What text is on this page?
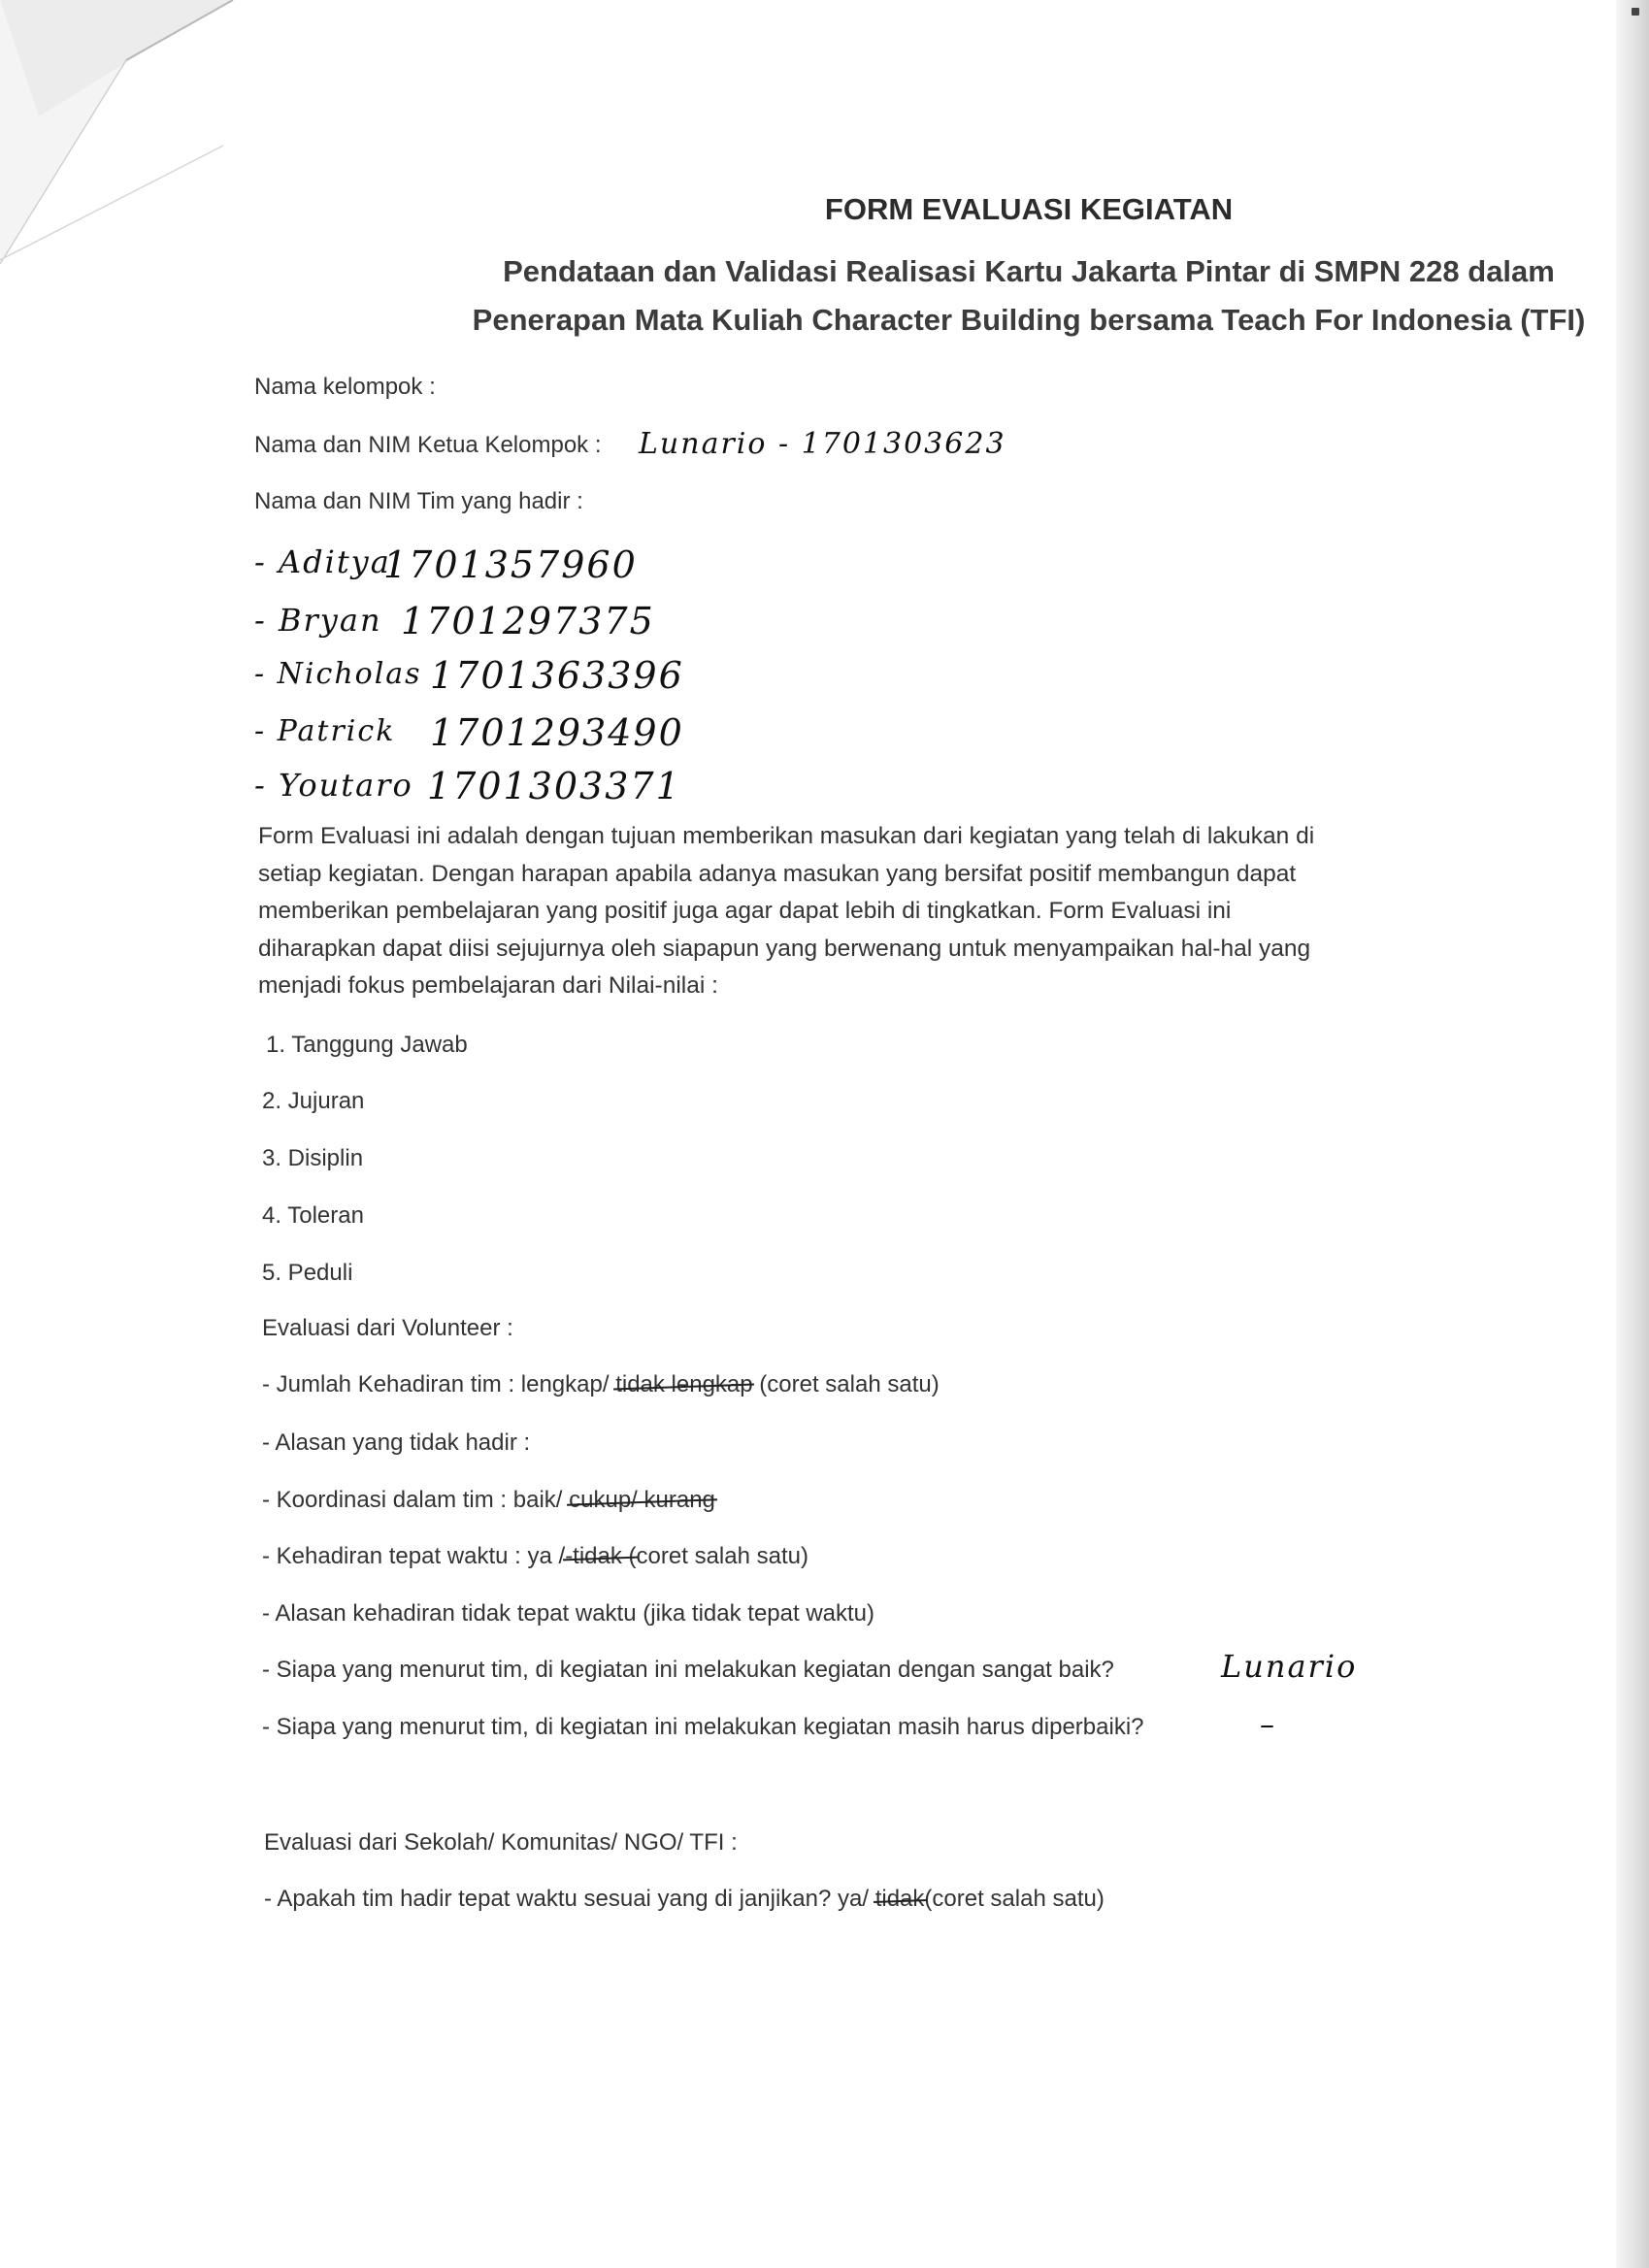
FORM EVALUASI KEGIATAN
Pendataan dan Validasi Realisasi Kartu Jakarta Pintar di SMPN 228 dalam
Penerapan Mata Kuliah Character Building bersama Teach For Indonesia (TFI)
Nama kelompok :
Nama dan NIM Ketua Kelompok : Lunario - 1701303623
Nama dan NIM Tim yang hadir :
- Aditya
1701357960
- Bryan 1701297375
- Nicholas 1701363396
- Patrick 1701293490
- Youtaro 1701303371
Form Evaluasi ini adalah dengan tujuan memberikan masukan dari kegiatan yang telah di lakukan di
setiap kegiatan. Dengan harapan apabila adanya masukan yang bersifat positif membangun dapat
memberikan pembelajaran yang positif juga agar dapat lebih di tingkatkan. Form Evaluasi ini
diharapkan dapat diisi sejujurnya oleh siapapun yang berwenang untuk menyampaikan hal-hal yang
menjadi fokus pembelajaran dari Nilai-nilai :
1. Tanggung Jawab
2. Jujuran
3. Disiplin
4. Toleran
5. Peduli
Evaluasi dari Volunteer :
- Jumlah Kehadiran tim : lengkap/ tidak lengkap (coret salah satu)
- Alasan yang tidak hadir :
- Koordinasi dalam tim : baik/ cukup/ kurang
- Kehadiran tepat waktu : ya /-tidak (coret salah satu)
- Alasan kehadiran tidak tepat waktu (jika tidak tepat waktu)
- Siapa yang menurut tim, di kegiatan ini melakukan kegiatan dengan sangat baik?	Lunario
- Siapa yang menurut tim, di kegiatan ini melakukan kegiatan masih harus diperbaiki?	–
Evaluasi dari Sekolah/ Komunitas/ NGO/ TFI :
- Apakah tim hadir tepat waktu sesuai yang di janjikan? ya/ tidak(coret salah satu)
